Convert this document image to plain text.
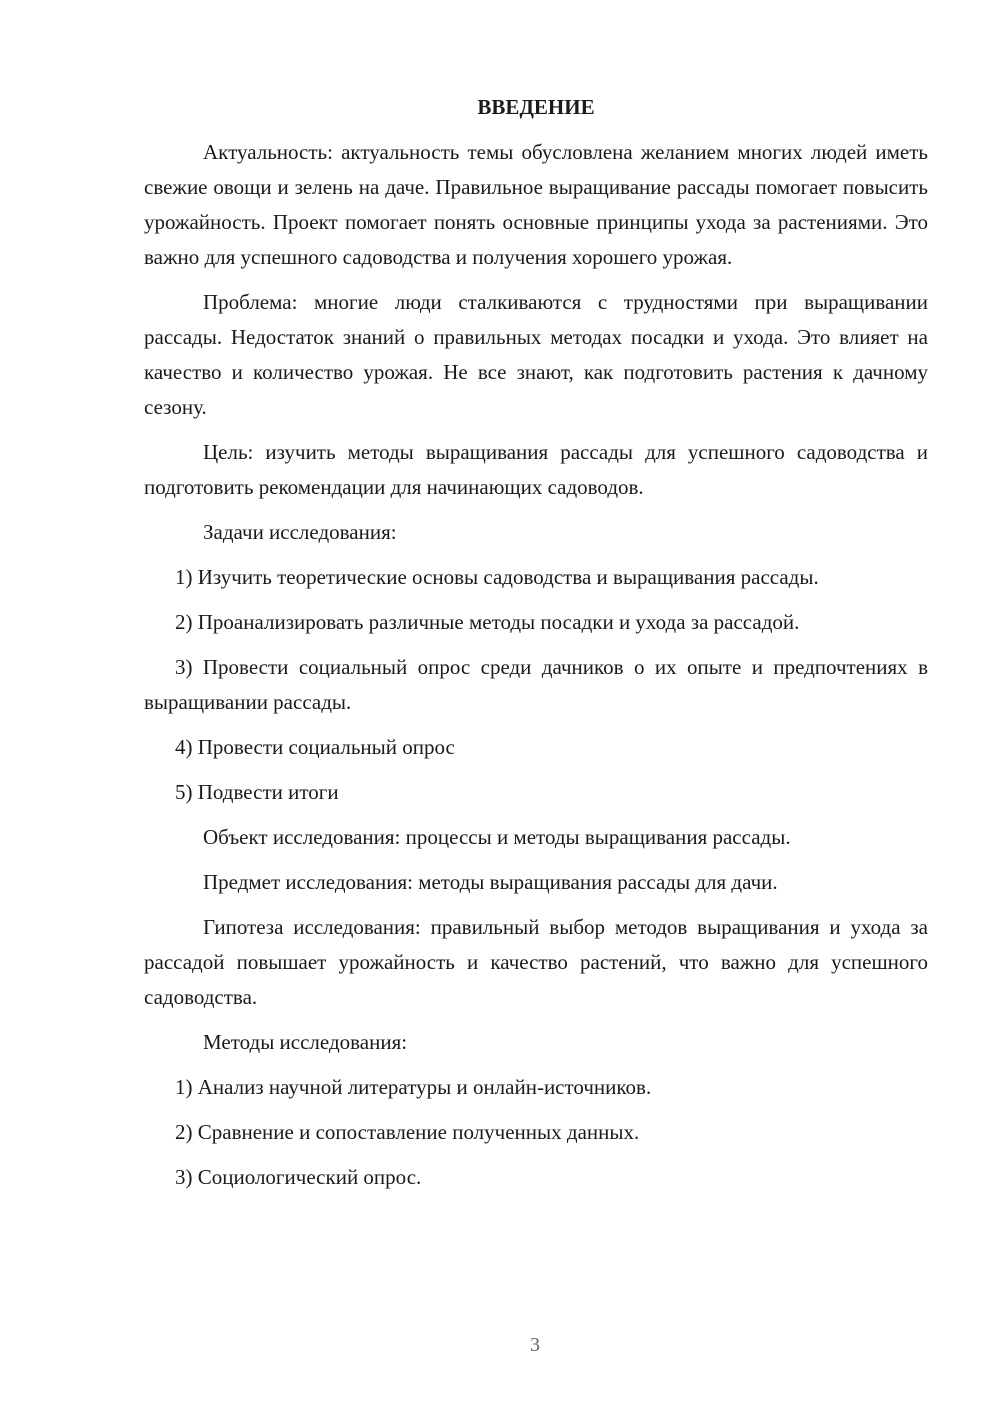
ВВЕДЕНИЕ

Актуальность: актуальность темы обусловлена желанием многих людей иметь свежие овощи и зелень на даче. Правильное выращивание рассады помогает повысить урожайность. Проект помогает понять основные принципы ухода за растениями. Это важно для успешного садоводства и получения хорошего урожая.

Проблема: многие люди сталкиваются с трудностями при выращивании рассады. Недостаток знаний о правильных методах посадки и ухода. Это влияет на качество и количество урожая. Не все знают, как подготовить растения к дачному сезону.

Цель: изучить методы выращивания рассады для успешного садоводства и подготовить рекомендации для начинающих садоводов.

Задачи исследования:

1) Изучить теоретические основы садоводства и выращивания рассады.

2) Проанализировать различные методы посадки и ухода за рассадой.

3) Провести социальный опрос среди дачников о их опыте и предпочтениях в выращивании рассады.

4) Провести социальный опрос

5) Подвести итоги

Объект исследования: процессы и методы выращивания рассады.

Предмет исследования: методы выращивания рассады для дачи.

Гипотеза исследования: правильный выбор методов выращивания и ухода за рассадой повышает урожайность и качество растений, что важно для успешного садоводства.

Методы исследования:

1) Анализ научной литературы и онлайн-источников.

2) Сравнение и сопоставление полученных данных.

3) Социологический опрос.

3
